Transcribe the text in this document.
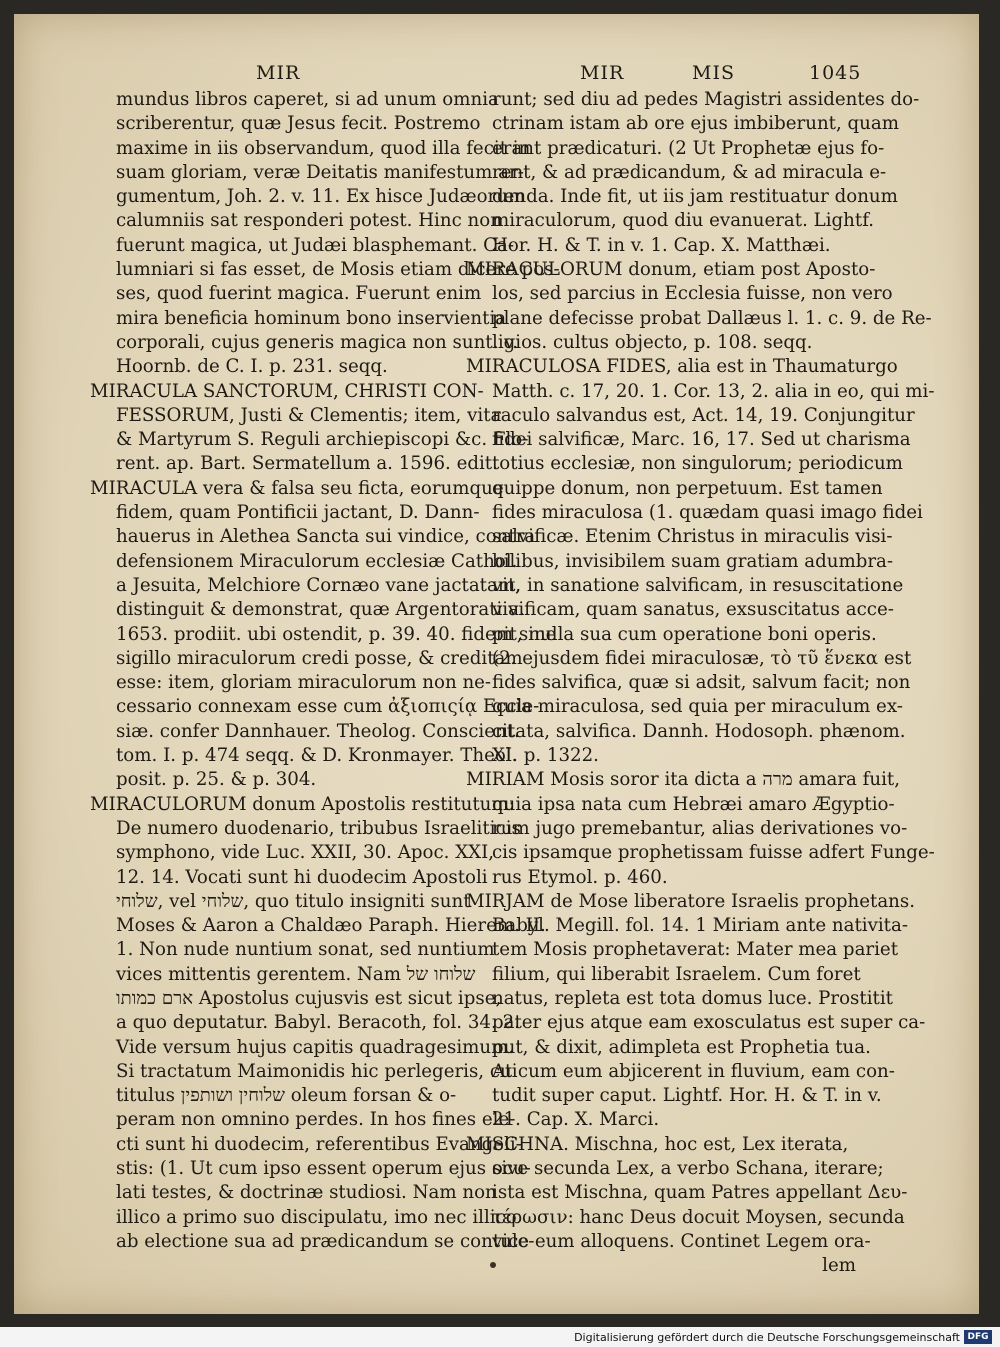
MIR	MIR	MIS	1045
mundus libros caperet, si ad unum omnia
scriberentur, quæ Jesus fecit. Postremo
maxime in iis observandum, quod illa fecit in
suam gloriam, veræ Deitatis manifestum ar-
gumentum, Joh. 2. v. 11. Ex hisce Judæorum
calumniis sat responderi potest. Hinc non
fuerunt magica, ut Judæi blasphemant. Ca-
lumniari si fas esset, de Mosis etiam dicere pos-
ses, quod fuerint magica. Fuerunt enim
mira beneficia hominum bono inservientia
corporali, cujus generis magica non sunt. v.
Hoornb. de C. I. p. 231. seqq.
MIRACULA SANCTORUM, CHRISTI CON-
FESSORUM, Justi & Clementis; item, vita
& Martyrum S. Reguli archiepiscopi &c. Flo-
rent. ap. Bart. Sermatellum a. 1596. edit.
MIRACULA vera & falsa seu ficta, eorumque
fidem, quam Pontificii jactant, D. Dann-
hauerus in Alethea Sancta sui vindice, contra
defensionem Miraculorum ecclesiæ Cathol.
a Jesuita, Melchiore Cornæo vane jactatam,
distinguit & demonstrat, quæ Argentorati a.
1653. prodiit. ubi ostendit, p. 39. 40. fidem sine
sigillo miraculorum credi posse, & creditam
esse: item, gloriam miraculorum non ne-
cessario connexam esse cum ἀξιοπιςίᾳ Eccle-
siæ. confer Dannhauer. Theolog. Conscient.
tom. I. p. 474 seqq. & D. Kronmayer. Theol.
posit. p. 25. & p. 304.
MIRACULORUM donum Apostolis restitutum:
De numero duodenario, tribubus Israeliticis
symphono, vide Luc. XXII, 30. Apoc. XXI,
12. 14. Vocati sunt hi duodecim Apostoli
שלוחי, vel שלוחי, quo titulo insigniti sunt
Moses & Aaron a Chaldæo Paraph. Hierem. II.
1. Non nude nuntium sonat, sed nuntium
vices mittentis gerentem. Nam שלוחו של
ארם כמותו Apostolus cujusvis est sicut ipse,
a quo deputatur. Babyl. Beracoth, fol. 34. 2.
Vide versum hujus capitis quadragesimum.
Si tractatum Maimonidis hic perlegeris, cui
titulus שלוחין ושותפין oleum forsan & o-
peram non omnino perdes. In hos fines ele-
cti sunt hi duodecim, referentibus Evangeli-
stis: (1. Ut cum ipso essent operum ejus ocu-
lati testes, & doctrinæ studiosi. Nam non
illico a primo suo discipulatu, imo nec illico
ab electione sua ad prædicandum se contule-
runt; sed diu ad pedes Magistri assidentes do-
ctrinam istam ab ore ejus imbiberunt, quam
erant prædicaturi. (2 Ut Prophetæ ejus fo-
rent, & ad prædicandum, & ad miracula e-
denda. Inde fit, ut iis jam restituatur donum
miraculorum, quod diu evanuerat. Lightf.
Hor. H. & T. in v. 1. Cap. X. Matthæi.
MIRACULORUM donum, etiam post Aposto-
los, sed parcius in Ecclesia fuisse, non vero
plane defecisse probat Dallæus l. 1. c. 9. de Re-
ligios. cultus objecto, p. 108. seqq.
MIRACULOSA FIDES, alia est in Thaumaturgo
Matth. c. 17, 20. 1. Cor. 13, 2. alia in eo, qui mi-
raculo salvandus est, Act. 14, 19. Conjungitur
fidei salvificæ, Marc. 16, 17. Sed ut charisma
totius ecclesiæ, non singulorum; periodicum
quippe donum, non perpetuum. Est tamen
fides miraculosa (1. quædam quasi imago fidei
salvificæ. Etenim Christus in miraculis visi-
bilibus, invisibilem suam gratiam adumbra-
vit, in sanatione salvificam, in resuscitatione
vivificam, quam sanatus, exsuscitatus acce-
pit, nulla sua cum operatione boni operis.
(2. ejusdem fidei miraculosæ, τὸ τῦ ἕνεκα est
fides salvifica, quæ si adsit, salvum facit; non
quia miraculosa, sed quia per miraculum ex-
citata, salvifica. Dannh. Hodosoph. phænom.
XI. p. 1322.
MIRIAM Mosis soror ita dicta a מרה amara fuit,
quia ipsa nata cum Hebræi amaro Ægyptio-
rum jugo premebantur, alias derivationes vo-
cis ipsamque prophetissam fuisse adfert Funge-
rus Etymol. p. 460.
MIRJAM de Mose liberatore Israelis prophetans.
Babyl. Megill. fol. 14. 1 Miriam ante nativita-
tem Mosis prophetaverat: Mater mea pariet
filium, qui liberabit Israelem. Cum foret
natus, repleta est tota domus luce. Prostitit
pater ejus atque eam exosculatus est super ca-
put, & dixit, adimpleta est Prophetia tua.
At cum eum abjicerent in fluvium, eam con-
tudit super caput. Lightf. Hor. H. & T. in v.
21. Cap. X. Marci.
MISCHNA. Mischna, hoc est, Lex iterata,
sive secunda Lex, a verbo Schana, iterare;
ista est Mischna, quam Patres appellant Δευ-
τέρωσιν: hanc Deus docuit Moysen, secunda
vice eum alloquens. Continet Legem ora-
lem
Digitalisierung gefördert durch die Deutsche Forschungsgemeinschaft DFG
